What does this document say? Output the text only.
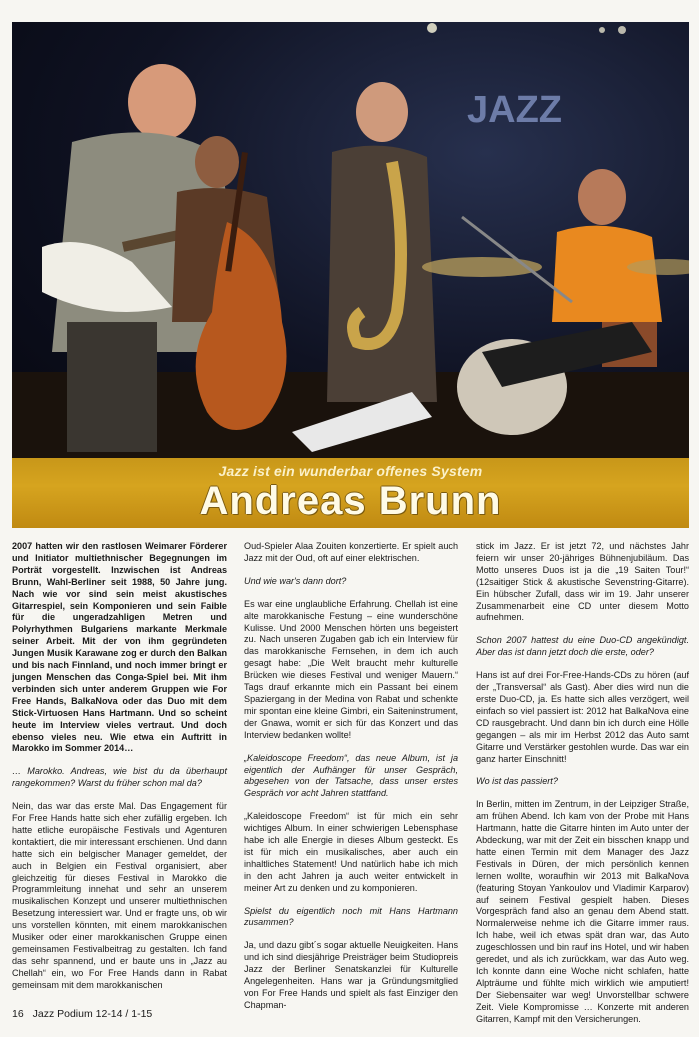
JAZZ
Jazz ist ein wunderbar offenes System
Andreas Brunn

2007 hatten wir den rastlosen Weimarer Förderer und Initiator multiethnischer Begegnungen im Porträt vorgestellt. Inzwischen ist Andreas Brunn, Wahl-Berliner seit 1988, 50 Jahre jung. Nach wie vor sind sein meist akustisches Gitarrespiel, sein Komponieren und sein Faible für die ungeradzahligen Metren und Polyrhythmen Bulgariens markante Merkmale seiner Arbeit. Mit der von ihm gegründeten Jungen Musik Karawane zog er durch den Balkan und bis nach Finnland, und noch immer bringt er jungen Menschen das Conga-Spiel bei. Mit ihm verbinden sich unter anderem Gruppen wie For Free Hands, BalkaNova oder das Duo mit dem Stick-Virtuosen Hans Hartmann. Und so scheint heute im Interview vieles vertraut. Und doch ebenso vieles neu. Wie etwa ein Auftritt in Marokko im Sommer 2014…

… Marokko. Andreas, wie bist du da überhaupt rangekommen? Warst du früher schon mal da?

Nein, das war das erste Mal. Das Engagement für For Free Hands hatte sich eher zufällig ergeben. Ich hatte etliche europäische Festivals und Agenturen kontaktiert, die mir interessant erschienen. Und dann hatte sich ein belgischer Manager gemeldet, der auch in Belgien ein Festival organisiert, aber gleichzeitig für dieses Festival in Marokko die Programmleitung innehat und sehr an unserem musikalischen Konzept und unserer multiethnischen Besetzung interessiert war. Und er fragte uns, ob wir uns vorstellen könnten, mit einem marokkanischen Musiker oder einer marokkanischen Gruppe einen gemeinsamen Festivalbeitrag zu gestalten. Ich fand das sehr spannend, und er baute uns in „Jazz au Chellah“ ein, wo For Free Hands dann in Rabat gemeinsam mit dem marokkanischen

Oud-Spieler Alaa Zouiten konzertierte. Er spielt auch Jazz mit der Oud, oft auf einer elektrischen.

Und wie war's dann dort?

Es war eine unglaubliche Erfahrung. Chellah ist eine alte marokkanische Festung – eine wunderschöne Kulisse. Und 2000 Menschen hörten uns begeistert zu. Nach unseren Zugaben gab ich ein Interview für das marokkanische Fernsehen, in dem ich auch gesagt habe: „Die Welt braucht mehr kulturelle Brücken wie dieses Festival und weniger Mauern.“ Tags drauf erkannte mich ein Passant bei einem Spaziergang in der Medina von Rabat und schenkte mir spontan eine kleine Gimbri, ein Saiteninstrument, der Gnawa, womit er sich für das Konzert und das Interview bedanken wollte!

„Kaleidoscope Freedom“, das neue Album, ist ja eigentlich der Aufhänger für unser Gespräch, abgesehen von der Tatsache, dass unser erstes Gespräch vor acht Jahren stattfand.

„Kaleidoscope Freedom“ ist für mich ein sehr wichtiges Album. In einer schwierigen Lebensphase habe ich alle Energie in dieses Album gesteckt. Es ist für mich ein musikalisches, aber auch ein inhaltliches Statement! Und natürlich habe ich mich in den acht Jahren ja auch weiter entwickelt in meiner Art zu denken und zu komponieren.

Spielst du eigentlich noch mit Hans Hartmann zusammen?

Ja, und dazu gibt´s sogar aktuelle Neuigkeiten. Hans und ich sind diesjährige Preisträger beim Studiopreis Jazz der Berliner Senatskanzlei für Kulturelle Angelegenheiten. Hans war ja Gründungsmitglied von For Free Hands und spielt als fast Einziger den Chapman-

stick im Jazz. Er ist jetzt 72, und nächstes Jahr feiern wir unser 20-jähriges Bühnenjubiläum. Das Motto unseres Duos ist ja die „19 Saiten Tour!“ (12saitiger Stick & akustische Sevenstring-Gitarre). Ein hübscher Zufall, dass wir im 19. Jahr unserer Zusammenarbeit eine CD unter diesem Motto aufnehmen.

Schon 2007 hattest du eine Duo-CD angekündigt. Aber das ist dann jetzt doch die erste, oder?

Hans ist auf drei For-Free-Hands-CDs zu hören (auf der „Transversal“ als Gast). Aber dies wird nun die erste Duo-CD, ja. Es hatte sich alles verzögert, weil einfach so viel passiert ist: 2012 hat BalkaNova eine CD rausgebracht. Und dann bin ich durch eine Hölle gegangen – als mir im Herbst 2012 das Auto samt Gitarre und Verstärker gestohlen wurde. Das war ein ganz harter Einschnitt!

Wo ist das passiert?

In Berlin, mitten im Zentrum, in der Leipziger Straße, am frühen Abend. Ich kam von der Probe mit Hans Hartmann, hatte die Gitarre hinten im Auto unter der Abdeckung, war mit der Zeit ein bisschen knapp und hatte einen Termin mit dem Manager des Jazz Festivals in Düren, der mich persönlich kennen lernen wollte, woraufhin wir 2013 mit BalkaNova (featuring Stoyan Yankoulov und Vladimir Karparov) auf seinem Festival gespielt haben. Dieses Vorgespräch fand also an genau dem Abend statt. Normalerweise nehme ich die Gitarre immer raus. Ich habe, weil ich etwas spät dran war, das Auto zugeschlossen und bin rauf ins Hotel, und wir haben geredet, und als ich zurückkam, war das Auto weg. Ich konnte dann eine Woche nicht schlafen, hatte Alpträume und fühlte mich wirklich wie amputiert! Der Siebensaiter war weg! Unvorstellbar schwere Zeit. Viele Kompromisse … Konzerte mit anderen Gitarren, Kampf mit den Versicherungen.

16 Jazz Podium 12-14 / 1-15
